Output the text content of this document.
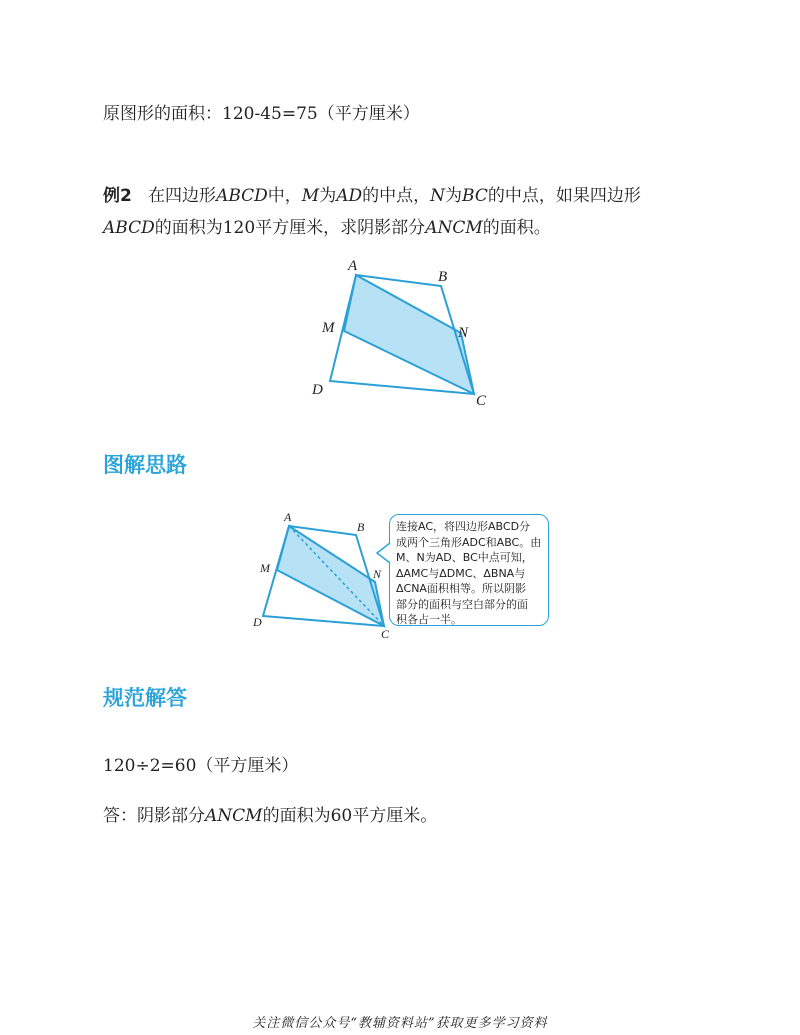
原图形的面积：120-45=75（平方厘米）
例2 在四边形ABCD中，M为AD的中点，N为BC的中点，如果四边形
ABCD的面积为120平方厘米，求阴影部分ANCM的面积。
A
B
M	N
D
C
图解思路
A
B
M	N
D
C
连接AC，将四边形ABCD分
成两个三角形ADC和ABC。由
M、N为AD、BC中点可知，
ΔAMC与ΔDMC、ΔBNA与
ΔCNA面积相等。所以阴影
部分的面积与空白部分的面
积各占一半。
规范解答
120÷2=60（平方厘米）
答：阴影部分ANCM的面积为60平方厘米。
关注微信公众号“教辅资料站”获取更多学习资料
